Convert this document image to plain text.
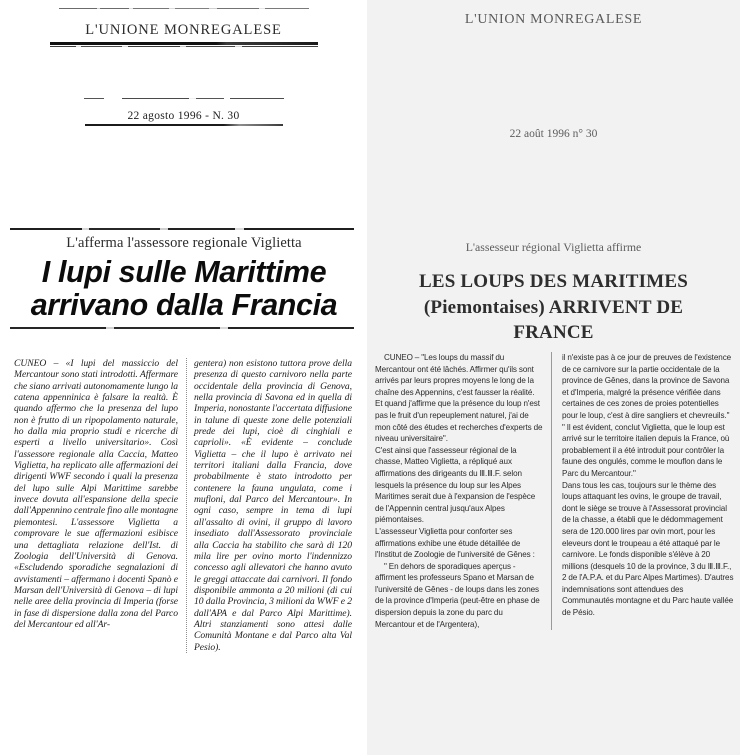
L'UNIONE MONREGALESE
22 agosto 1996 - N. 30
L'afferma l'assessore regionale Viglietta
I lupi sulle Marittime
arrivano dalla Francia
CUNEO – «I lupi del massiccio del Mercantour sono stati introdotti. Affermare che siano arrivati autonomamente lungo la catena appenninica è falsare la realtà. È quando affermo che la presenza del lupo non è frutto di un ripopolamento naturale, ho dalla mia proprio studi e ricerche di esperti a livello universitario». Così l'assessore regionale alla Caccia, Matteo Viglietta, ha replicato alle affermazioni dei dirigenti WWF secondo i quali la presenza del lupo sulle Alpi Marittime sarebbe invece dovuta all'espansione della specie dall'Appennino centrale fino alle montagne piemontesi. L'assessore Viglietta a comprovare le sue affermazioni esibisce una dettagliata relazione dell'Ist. di Zoologia dell'Università di Genova. «Escludendo sporadiche segnalazioni di avvistamenti – affermano i docenti Spanò e Marsan dell'Università di Genova – di lupi nelle aree della provincia di Imperia (forse in fase di dispersione dalla zona del Parco del Mercantour ed all'Ar-
gentera) non esistono tuttora prove della presenza di questo carnivoro nella parte occidentale della provincia di Genova, nella provincia di Savona ed in quella di Imperia, nonostante l'accertata diffusione in talune di queste zone delle potenziali prede dei lupi, cioè di cinghiali e caprioli». «È evidente – conclude Viglietta – che il lupo è arrivato nei territori italiani dalla Francia, dove probabilmente è stato introdotto per contenere la fauna ungulata, come i mufloni, dal Parco del Mercantour». In ogni caso, sempre in tema di lupi all'assalto di ovini, il gruppo di lavoro insediato dall'Assessorato provinciale alla Caccia ha stabilito che sarà di 120 mila lire per ovino morto l'indennizzo concesso agli allevatori che hanno avuto le greggi attaccate dai carnivori. Il fondo disponibile ammonta a 20 milioni (di cui 10 dalla Provincia, 3 milioni da WWF e 2 dall'APA e dal Parco Alpi Marittime). Altri stanziamenti sono attesi dalle Comunità Montane e dal Parco alta Val Pesio).
L'UNION MONREGALESE
22 août 1996 n° 30
L'assesseur régional Viglietta affirme
LES LOUPS DES MARITIMES
(Piemontaises) ARRIVENT DE
FRANCE

CUNEO – "Les loups du massif du Mercantour ont été lâchés. Affirmer qu'ils sont arrivés par leurs propres moyens le long de la chaîne des Appennins, c'est fausser la réalité. Et quand j'affirme que la présence du loup n'est pas le fruit d'un repeuplement naturel, j'ai de mon côté des études et recherches d'experts de niveau universitaire".

C'est ainsi que l'assesseur régional de la chasse, Matteo Viglietta, a répliqué aux affirmations des dirigeants du Ⅲ.Ⅲ.F. selon lesquels la présence du loup sur les Alpes Maritimes serait due à l'expansion de l'espèce de l'Appennin central jusqu'aux Alpes piémontaises.

L'assesseur Viglietta pour conforter ses affirmations exhibe une étude détaillée de l'Institut de Zoologie de l'université de Gênes :

" En dehors de sporadiques aperçus - affirment les professeurs Spano et Marsan de l'université de Gênes - de loups dans les zones de la province d'Imperia (peut-être en phase de dispersion depuis la zone du parc du Mercantour et de l'Argentera),

il n'existe pas à ce jour de preuves de l'existence de ce carnivore sur la partie occidentale de la province de Gênes, dans la province de Savona et d'Imperia, malgré la présence vérifiée dans certaines de ces zones de proies potentielles pour le loup, c'est à dire sangliers et chevreuils."

" Il est évident, conclut Viglietta, que le loup est arrivé sur le territoire italien depuis la France, où probablement il a été introduit pour contrôler la faune des ongulés, comme le mouflon dans le Parc du Mercantour."

Dans tous les cas, toujours sur le thème des loups attaquant les ovins, le groupe de travail, dont le siège se trouve à l'Assessorat provincial de la chasse, a établi que le dédommagement sera de 120.000 lires par ovin mort, pour les eleveurs dont le troupeau a été attaqué par le carnivore. Le fonds disponible s'élève à 20 millions (desquels 10 de la province, 3 du Ⅲ.Ⅲ.F., 2 de l'A.P.A. et du Parc Alpes Martimes). D'autres indemnisations sont attendues des Communautés montagne et du Parc haute vallée de Pésio.
